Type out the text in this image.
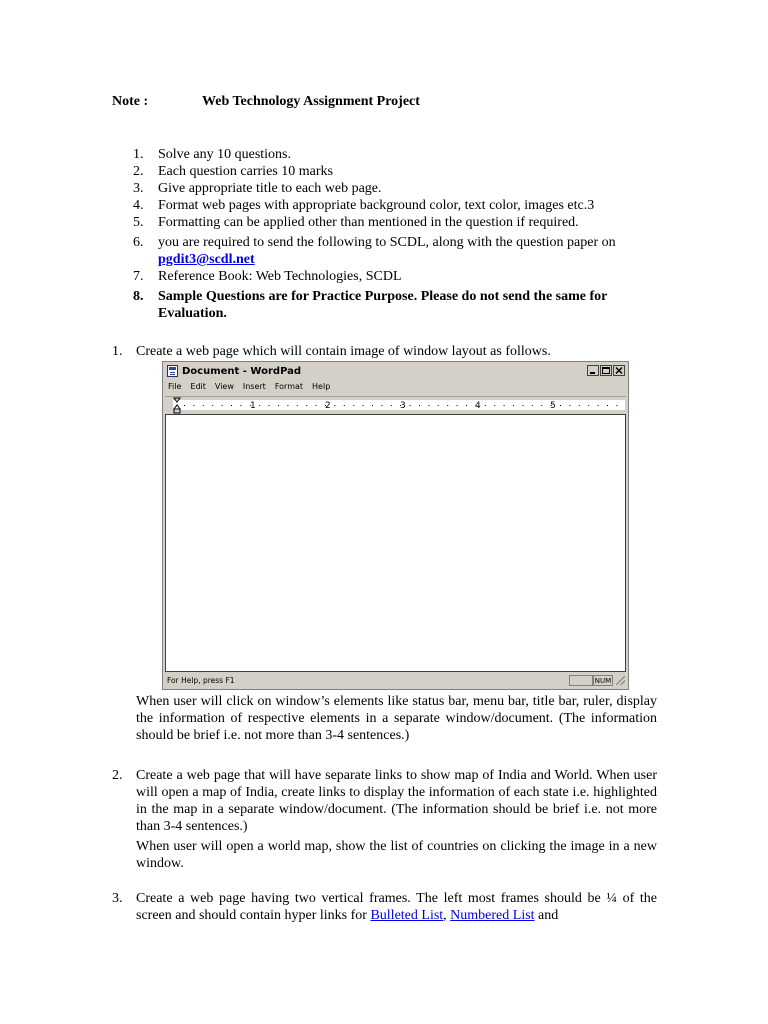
Note :	Web Technology Assignment Project
1. Solve any 10 questions.
2. Each question carries 10 marks
3. Give appropriate title to each web page.
4. Format web pages with appropriate background color, text color, images etc.3
5. Formatting can be applied other than mentioned in the question if required.
6. you are required to send the following to SCDL, along with the question paper on
pgdit3@scdl.net
7. Reference Book: Web Technologies, SCDL
8. Sample Questions are for Practice Purpose. Please do not send the same for Evaluation.
1. Create a web page which will contain image of window layout as follows.
Document - WordPad
File Edit View Insert Format Help
1	2	3	4	5
For Help, press F1	NUM
When user will click on window’s elements like status bar, menu bar, title bar, ruler, display the information of respective elements in a separate window/document. (The information should be brief i.e. not more than 3-4 sentences.)
2. Create a web page that will have separate links to show map of India and World. When user will open a map of India, create links to display the information of each state i.e. highlighted in the map in a separate window/document. (The information should be brief i.e. not more than 3-4 sentences.)
When user will open a world map, show the list of countries on clicking the image in a new window.
3. Create a web page having two vertical frames. The left most frames should be ¼ of the screen and should contain hyper links for Bulleted List, Numbered List and
